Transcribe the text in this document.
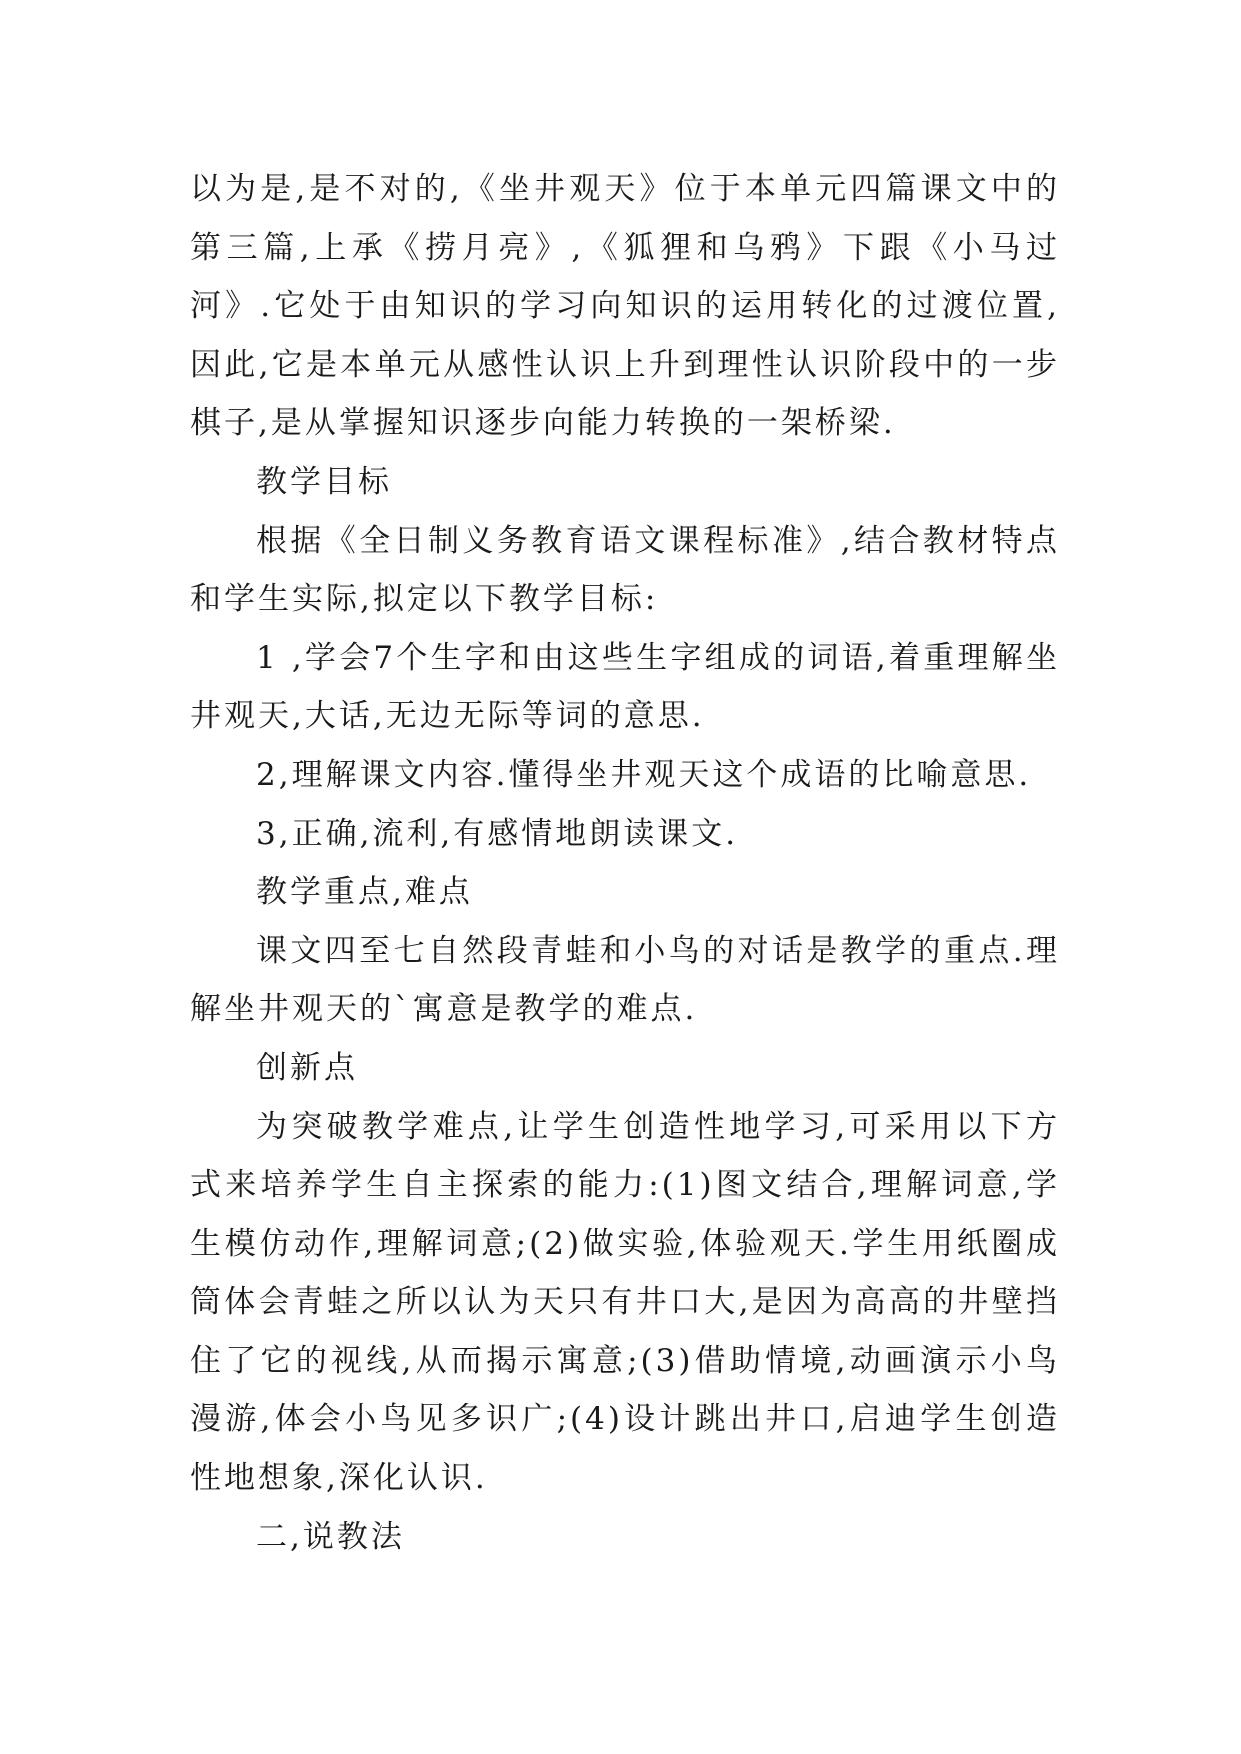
以为是,是不对的,《坐井观天》位于本单元四篇课文中的第三篇,上承《捞月亮》,《狐狸和乌鸦》下跟《小马过河》.它处于由知识的学习向知识的运用转化的过渡位置,因此,它是本单元从感性认识上升到理性认识阶段中的一步棋子,是从掌握知识逐步向能力转换的一架桥梁.

教学目标

根据《全日制义务教育语文课程标准》,结合教材特点和学生实际,拟定以下教学目标:

1 ,学会7个生字和由这些生字组成的词语,着重理解坐井观天,大话,无边无际等词的意思.

2,理解课文内容.懂得坐井观天这个成语的比喻意思.

3,正确,流利,有感情地朗读课文.

教学重点,难点

课文四至七自然段青蛙和小鸟的对话是教学的重点.理解坐井观天的`寓意是教学的难点.

创新点

为突破教学难点,让学生创造性地学习,可采用以下方式来培养学生自主探索的能力:(1)图文结合,理解词意,学生模仿动作,理解词意;(2)做实验,体验观天.学生用纸圈成筒体会青蛙之所以认为天只有井口大,是因为高高的井壁挡住了它的视线,从而揭示寓意;(3)借助情境,动画演示小鸟漫游,体会小鸟见多识广;(4)设计跳出井口,启迪学生创造性地想象,深化认识.

二,说教法
